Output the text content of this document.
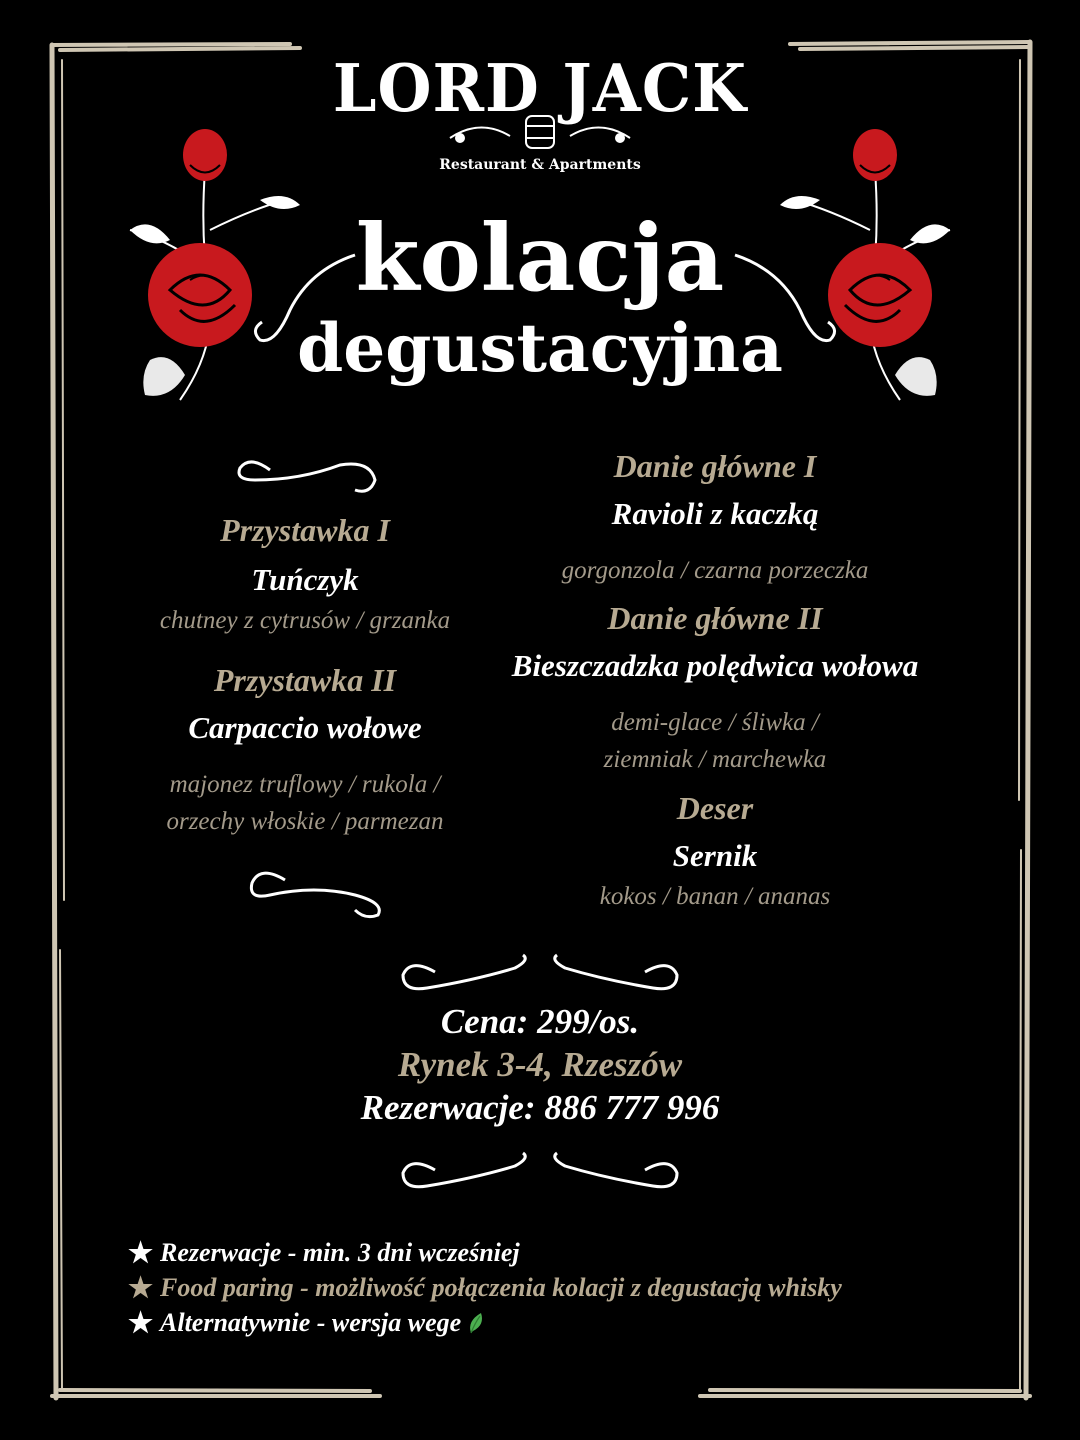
LORD JACK
Restaurant & Apartments
kolacja
degustacyjna
Przystawka I
Tuńczyk
chutney z cytrusów / grzanka
Przystawka II
Carpaccio wołowe
majonez truflowy / rukola /
orzechy włoskie / parmezan
Danie główne I
Ravioli z kaczką
gorgonzola / czarna porzeczka
Danie główne II
Bieszczadzka polędwica wołowa
demi-glace / śliwka /
ziemniak / marchewka
Deser
Sernik
kokos / banan / ananas
Cena: 299/os.
Rynek 3-4, Rzeszów
Rezerwacje: 886 777 996
★ Rezerwacje - min. 3 dni wcześniej
★ Food paring - możliwość połączenia kolacji z degustacją whisky
★ Alternatywnie - wersja wege
